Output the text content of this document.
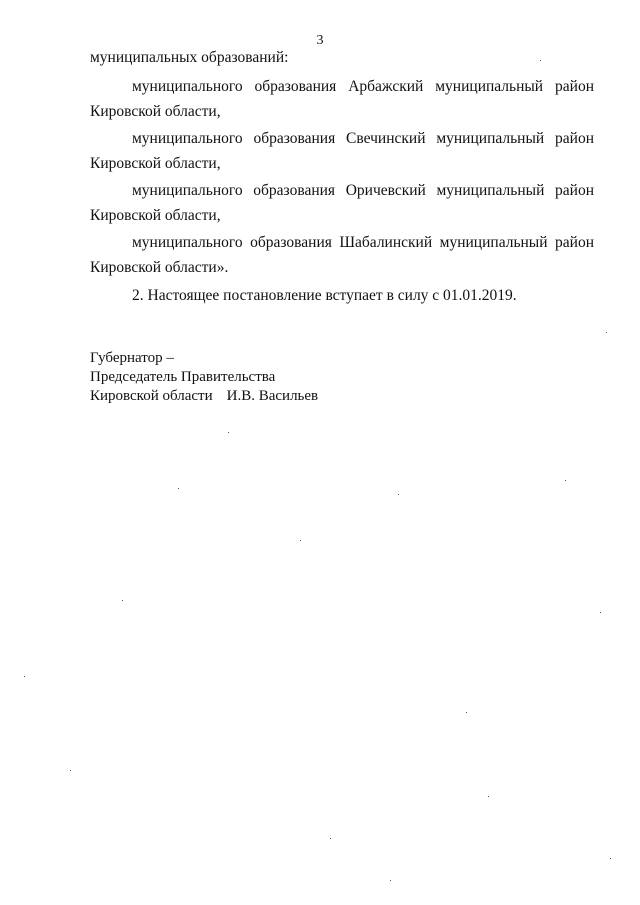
3
муниципальных образований:
муниципального образования Арбажский муниципальный район
Кировской области,
муниципального образования Свечинский муниципальный район
Кировской области,
муниципального образования Оричевский муниципальный район
Кировской области,
муниципального образования Шабалинский муниципальный район
Кировской области».
2. Настоящее постановление вступает в силу с 01.01.2019.
Губернатор –
Председатель Правительства
Кировской области И.В. Васильев
